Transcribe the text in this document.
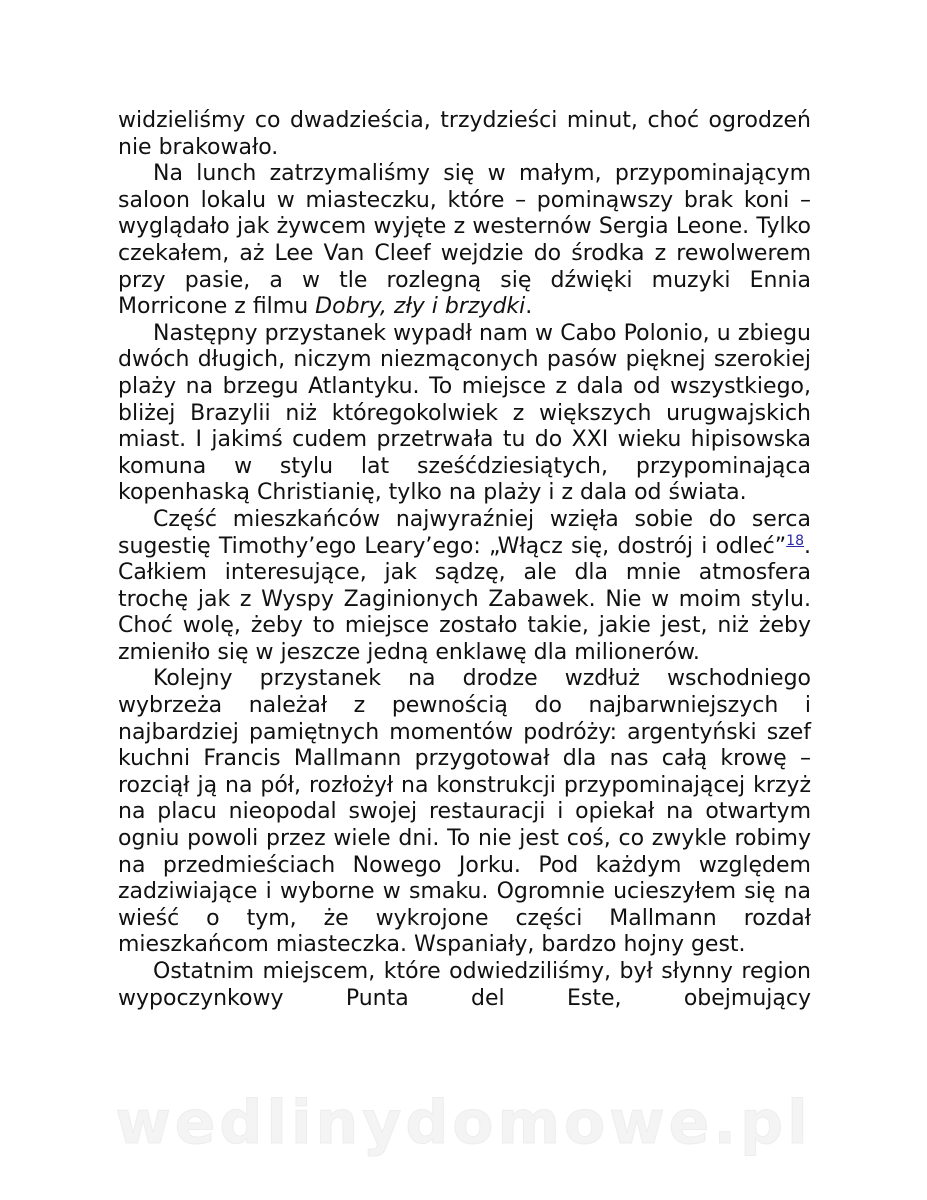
widzieliśmy co dwadzieścia, trzydzieści minut, choć ogrodzeń nie brakowało.

Na lunch zatrzymaliśmy się w małym, przypominającym saloon lokalu w miasteczku, które – pominąwszy brak koni – wyglądało jak żywcem wyjęte z westernów Sergia Leone. Tylko czekałem, aż Lee Van Cleef wejdzie do środka z rewolwerem przy pasie, a w tle rozlegną się dźwięki muzyki Ennia Morricone z filmu Dobry, zły i brzydki.

Następny przystanek wypadł nam w Cabo Polonio, u zbiegu dwóch długich, niczym niezmąconych pasów pięknej szerokiej plaży na brzegu Atlantyku. To miejsce z dala od wszystkiego, bliżej Brazylii niż któregokolwiek z większych urugwajskich miast. I jakimś cudem przetrwała tu do XXI wieku hipisowska komuna w stylu lat sześćdziesiątych, przypominająca kopenhaską Christianię, tylko na plaży i z dala od świata.

Część mieszkańców najwyraźniej wzięła sobie do serca sugestię Timothy’ego Leary’ego: „Włącz się, dostrój i odleć”$^{18}$. Całkiem interesujące, jak sądzę, ale dla mnie atmosfera trochę jak z Wyspy Zaginionych Zabawek. Nie w moim stylu. Choć wolę, żeby to miejsce zostało takie, jakie jest, niż żeby zmieniło się w jeszcze jedną enklawę dla milionerów.

Kolejny przystanek na drodze wzdłuż wschodniego wybrzeża należał z pewnością do najbarwniejszych i najbardziej pamiętnych momentów podróży: argentyński szef kuchni Francis Mallmann przygotował dla nas całą krowę – rozciął ją na pół, rozłożył na konstrukcji przypominającej krzyż na placu nieopodal swojej restauracji i opiekał na otwartym ogniu powoli przez wiele dni. To nie jest coś, co zwykle robimy na przedmieściach Nowego Jorku. Pod każdym względem zadziwiające i wyborne w smaku. Ogromnie ucieszyłem się na wieść o tym, że wykrojone części Mallmann rozdał mieszkańcom miasteczka. Wspaniały, bardzo hojny gest.

Ostatnim miejscem, które odwiedziliśmy, był słynny region wypoczynkowy Punta del Este, obejmujący

wedlinydomowe.pl
